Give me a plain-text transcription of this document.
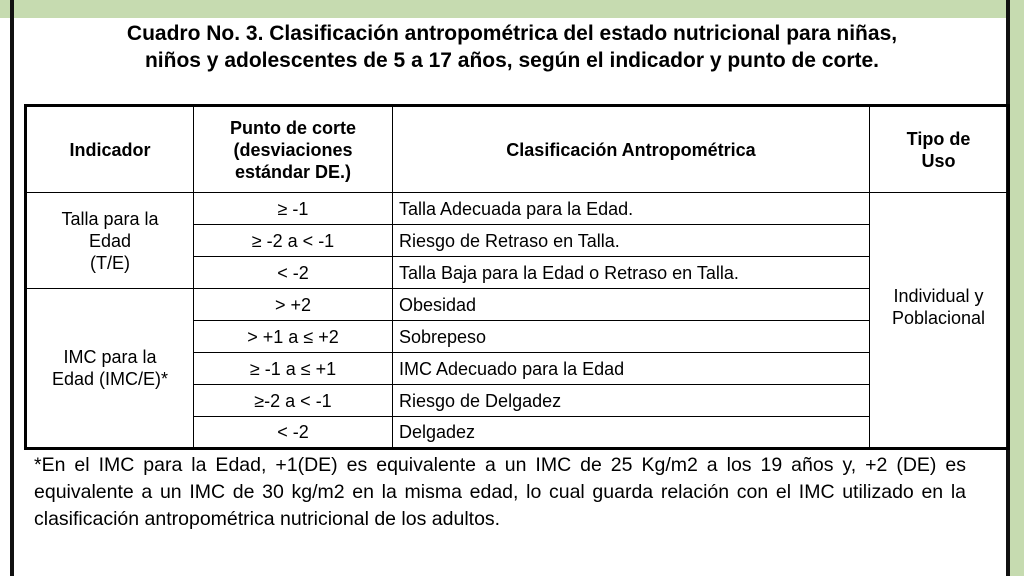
Cuadro No. 3. Clasificación antropométrica del estado nutricional para niñas,
niños y adolescentes de 5 a 17 años, según el indicador y punto de corte.
Indicador	Punto de corte
(desviaciones
estándar DE.)	Clasificación Antropométrica	Tipo de
Uso
Talla para la
Edad
(T/E)	≥ -1	Talla Adecuada para la Edad.	Individual y
Poblacional
	≥ -2 a < -1	Riesgo de Retraso en Talla.	
	< -2	Talla Baja para la Edad o Retraso en Talla.	
IMC para la
Edad (IMC/E)*	> +2	Obesidad	
	> +1 a ≤ +2	Sobrepeso	
	≥ -1 a ≤ +1	IMC Adecuado para la Edad	
	≥-2 a < -1	Riesgo de Delgadez	
	< -2	Delgadez	
*En el IMC para la Edad, +1(DE) es equivalente a un IMC de 25 Kg/m2 a los 19 años y, +2 (DE) es equivalente a un IMC de 30 kg/m2 en la misma edad, lo cual guarda relación con el IMC utilizado en la clasificación antropométrica nutricional de los adultos.
